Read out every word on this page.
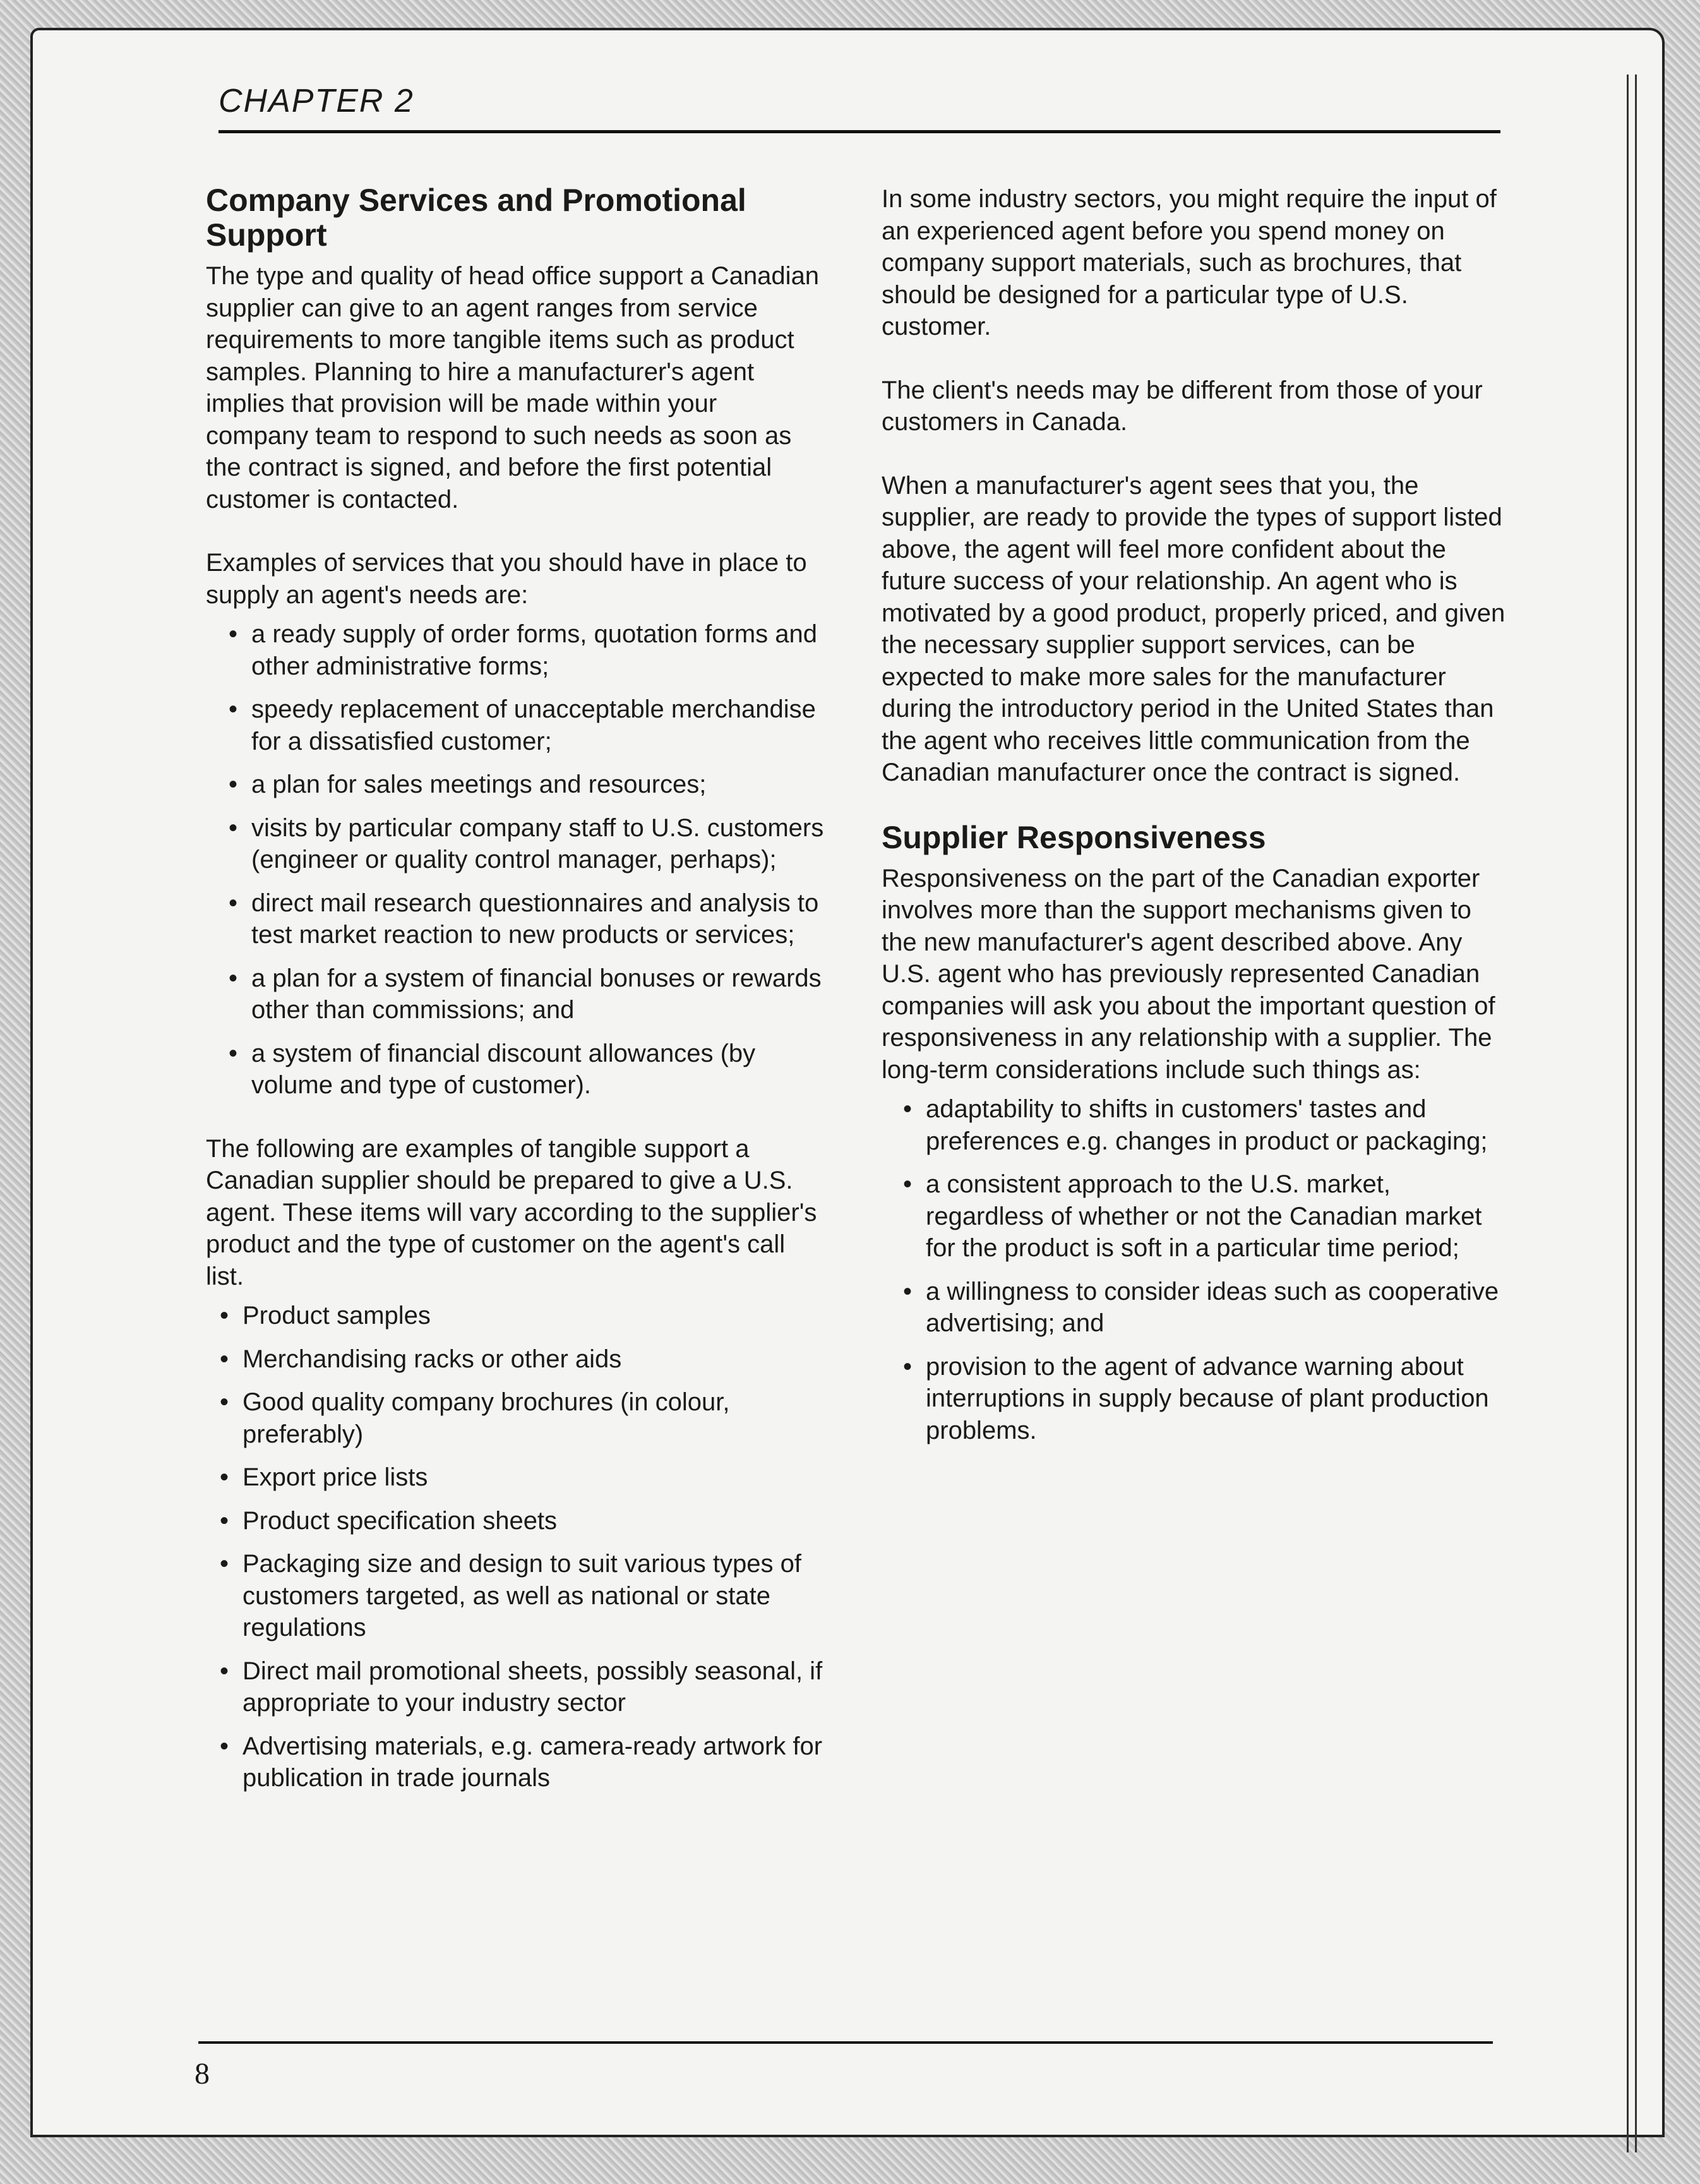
CHAPTER 2
Company Services and Promotional Support

The type and quality of head office support a Canadian supplier can give to an agent ranges from service requirements to more tangible items such as product samples. Planning to hire a manufacturer's agent implies that provision will be made within your company team to respond to such needs as soon as the contract is signed, and before the first potential customer is contacted.

Examples of services that you should have in place to supply an agent's needs are:

• a ready supply of order forms, quotation forms and other administrative forms;
• speedy replacement of unacceptable merchandise for a dissatisfied customer;
• a plan for sales meetings and resources;
• visits by particular company staff to U.S. customers (engineer or quality control manager, perhaps);
• direct mail research questionnaires and analysis to test market reaction to new products or services;
• a plan for a system of financial bonuses or rewards other than commissions; and
• a system of financial discount allowances (by volume and type of customer).

The following are examples of tangible support a Canadian supplier should be prepared to give a U.S. agent. These items will vary according to the supplier's product and the type of customer on the agent's call list.

• Product samples
• Merchandising racks or other aids
• Good quality company brochures (in colour, preferably)
• Export price lists
• Product specification sheets
• Packaging size and design to suit various types of customers targeted, as well as national or state regulations
• Direct mail promotional sheets, possibly seasonal, if appropriate to your industry sector
• Advertising materials, e.g. camera-ready artwork for publication in trade journals

In some industry sectors, you might require the input of an experienced agent before you spend money on company support materials, such as brochures, that should be designed for a particular type of U.S. customer.

The client's needs may be different from those of your customers in Canada.

When a manufacturer's agent sees that you, the supplier, are ready to provide the types of support listed above, the agent will feel more confident about the future success of your relationship. An agent who is motivated by a good product, properly priced, and given the necessary supplier support services, can be expected to make more sales for the manufacturer during the introductory period in the United States than the agent who receives little communication from the Canadian manufacturer once the contract is signed.

Supplier Responsiveness

Responsiveness on the part of the Canadian exporter involves more than the support mechanisms given to the new manufacturer's agent described above. Any U.S. agent who has previously represented Canadian companies will ask you about the important question of responsiveness in any relationship with a supplier. The long-term considerations include such things as:

• adaptability to shifts in customers' tastes and preferences e.g. changes in product or packaging;
• a consistent approach to the U.S. market, regardless of whether or not the Canadian market for the product is soft in a particular time period;
• a willingness to consider ideas such as cooperative advertising; and
• provision to the agent of advance warning about interruptions in supply because of plant production problems.
8
